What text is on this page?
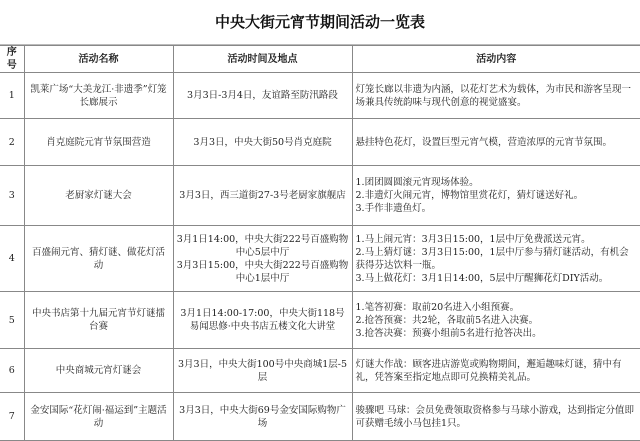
中央大街元宵节期间活动一览表
序号	活动名称	活动时间及地点	活动内容
1	凯莱广场“大美龙江·非遗季”灯笼长廊展示	3月3日-3月4日，友谊路至防汛路段	灯笼长廊以非遗为内涵，以花灯艺术为载体，为市民和游客呈现一场兼具传统韵味与现代创意的视觉盛宴。
2	肖克庭院元宵节氛围营造	3月3日，中央大街50号肖克庭院	悬挂特色花灯，设置巨型元宵气模，营造浓厚的元宵节氛围。
3	老厨家灯谜大会	3月3日，西三道街27-3号老厨家旗舰店	1.团团圆圆滚元宵现场体验。
2.非遗灯火闹元宵，博物馆里赏花灯，猜灯谜送好礼。
3.手作非遗鱼灯。
4	百盛闹元宵、猜灯谜、做花灯活动	3月1日14:00，中央大街222号百盛购物中心5层中厅
3月3日15:00，中央大街222号百盛购物中心1层中厅	1.马上闹元宵：3月3日15:00，1层中厅免费派送元宵。
2.马上猜灯谜：3月3日15:00，1层中厅参与猜灯谜活动，有机会获得芬达饮料一瓶。
3.马上做花灯：3月1日14:00，5层中厅醒狮花灯DIY活动。
5	中央书店第十九届元宵节灯谜擂台赛	3月1日14:00-17:00，中央大街118号易闻思修·中央书店五楼文化大讲堂	1.笔答初赛：取前20名进入小组预赛。
2.抢答预赛：共2轮，各取前5名进入决赛。
3.抢答决赛：预赛小组前5名进行抢答决出。
6	中央商城元宵灯谜会	3月3日，中央大街100号中央商城1层-5层	灯谜大作战：顾客进店游览或购物期间，邂逅趣味灯谜，猜中有礼，凭答案至指定地点即可兑换精美礼品。
7	金安国际“花灯闹·福运到”主题活动	3月3日，中央大街69号金安国际购物广场	骏骤吧 马球：会员免费领取资格参与马球小游戏，达到指定分值即可获赠毛绒小马包挂1只。
